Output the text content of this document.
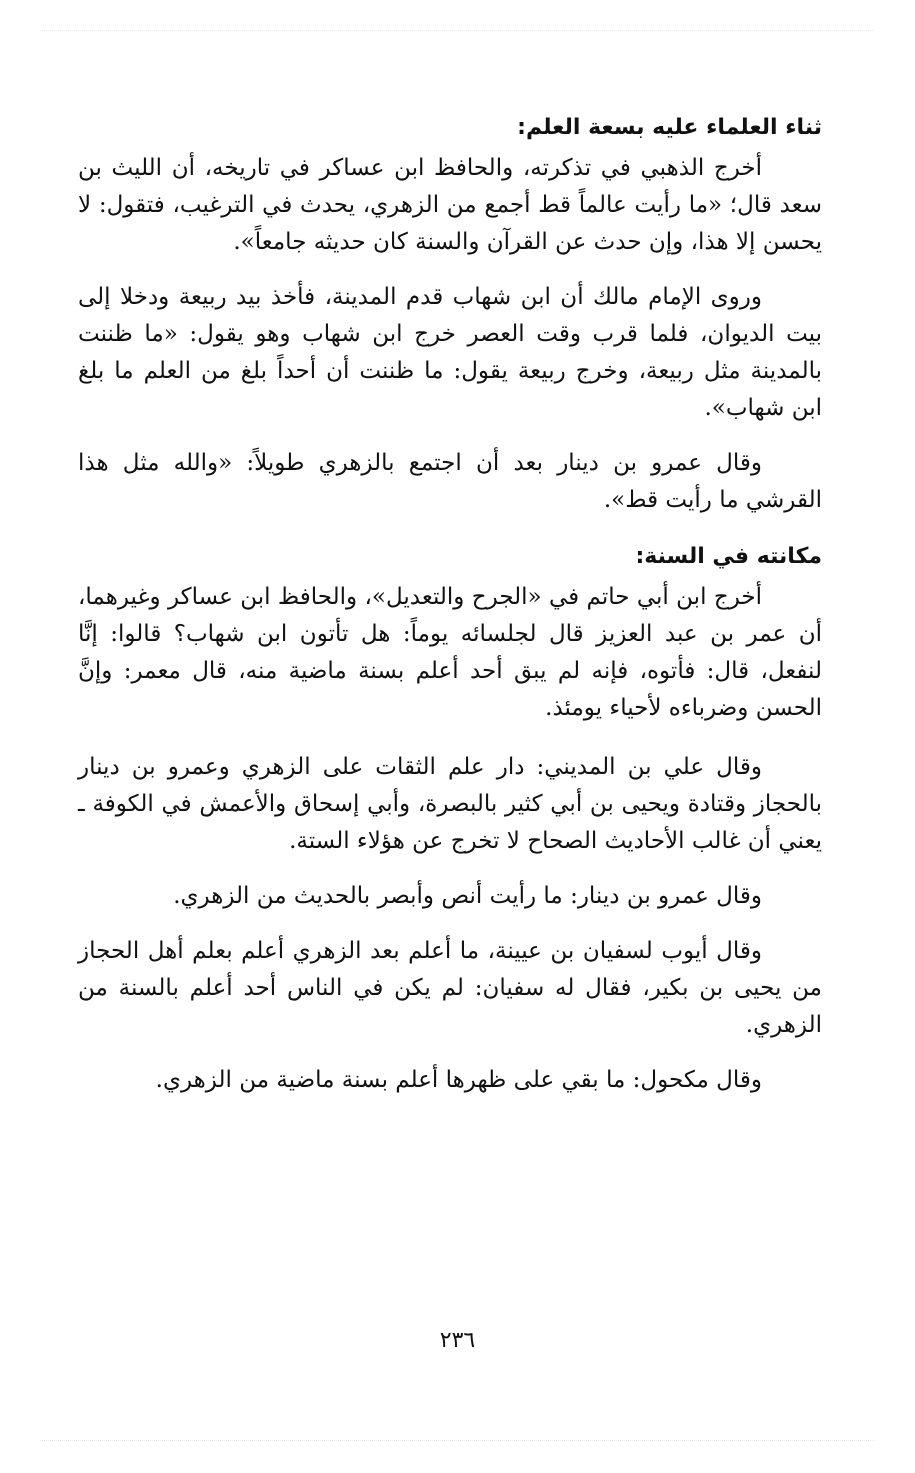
ثناء العلماء عليه بسعة العلم:

أخرج الذهبي في تذكرته، والحافظ ابن عساكر في تاريخه، أن الليث بن سعد قال؛ «ما رأيت عالماً قط أجمع من الزهري، يحدث في الترغيب، فتقول: لا يحسن إلا هذا، وإن حدث عن القرآن والسنة كان حديثه جامعاً».

وروى الإمام مالك أن ابن شهاب قدم المدينة، فأخذ بيد ربيعة ودخلا إلى بيت الديوان، فلما قرب وقت العصر خرج ابن شهاب وهو يقول: «ما ظننت بالمدينة مثل ربيعة، وخرج ربيعة يقول: ما ظننت أن أحداً بلغ من العلم ما بلغ ابن شهاب».

وقال عمرو بن دينار بعد أن اجتمع بالزهري طويلاً: «والله مثل هذا القرشي ما رأيت قط».

مكانته في السنة:

أخرج ابن أبي حاتم في «الجرح والتعديل»، والحافظ ابن عساكر وغيرهما، أن عمر بن عبد العزيز قال لجلسائه يوماً: هل تأتون ابن شهاب؟ قالوا: إنَّا لنفعل، قال: فأتوه، فإنه لم يبق أحد أعلم بسنة ماضية منه، قال معمر: وإنَّ الحسن وضرباءه لأحياء يومئذ.

وقال علي بن المديني: دار علم الثقات على الزهري وعمرو بن دينار بالحجاز وقتادة ويحيى بن أبي كثير بالبصرة، وأبي إسحاق والأعمش في الكوفة ـ يعني أن غالب الأحاديث الصحاح لا تخرج عن هؤلاء الستة.

وقال عمرو بن دينار: ما رأيت أنص وأبصر بالحديث من الزهري.

وقال أيوب لسفيان بن عيينة، ما أعلم بعد الزهري أعلم بعلم أهل الحجاز من يحيى بن بكير، فقال له سفيان: لم يكن في الناس أحد أعلم بالسنة من الزهري.

وقال مكحول: ما بقي على ظهرها أعلم بسنة ماضية من الزهري.

٢٣٦
